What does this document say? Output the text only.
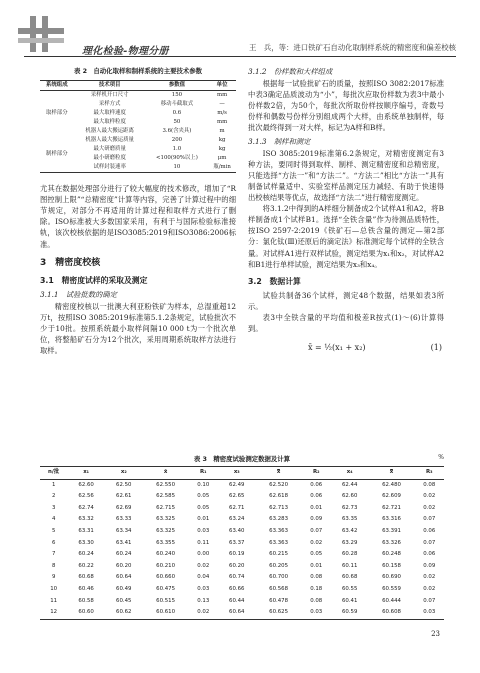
理化检验-物理分册	王　兵，等：进口铁矿石自动化取制样系统的精密度和偏差校核
表 2　自动化取样和制样系统的主要技术参数
系统组成	技术项目	参数值	单位
取样部分	采样机开口尺寸	150	mm
	采样方式	移动斗截取式	—
	最大取样速度	0.6	m/s
	最大取样粒度	50	mm
	机器人最大搬运距离	3.6(含夹具)	m
制样部分	机器人最大搬运质量	200	kg
	最大研磨质量	1.0	kg
	最小研磨粒度	<100(90%以上)	μm
	试样封装速率	10	瓶/min

尤其在数据处理部分进行了较大幅度的技术修改，增加了“R图控制上限”“总精密度”计算等内容，完善了计算过程中的细节规定，对部分不再适用的计算过程和取样方式进行了删除。ISO标准被大多数国家采用，有利于与国际检验标准接轨，该次校核依据的是ISO3085:2019和ISO3086:2006标准。

3　精密度校核
3.1　精密度试样的采取及测定
3.1.1　试验批数的确定

精密度校核以一批澳大利亚粉铁矿为样本，总湿重超12万t，按照ISO 3085:2019标准第5.1.2条规定，试验批次不少于10批。按照系统最小取样间隔10 000 t为一个批次单位，将整船矿石分为12个批次，采用周期系统取样方法进行取样。

3.1.2　份样数和大样组成

根据每一试验批矿石的质量，按照ISO 3082:2017标准中表3确定品质波动为“小”，每批次应取份样数为表3中最小份样数2倍，为50个，每批次所取份样按顺序编号，奇数号份样和偶数号份样分别组成两个大样，由系统单独制样，每批次最终得到一对大样，标记为A样和B样。

3.1.3　制样和测定

ISO 3085:2019标准第6.2条规定，对精密度测定有3种方法，要同时得到取样、制样、测定精密度和总精密度，只能选择“方法一”和“方法二”。“方法二”相比“方法一”具有制备试样量适中、实验室样品测定压力减轻、有助于快速得出校核结果等优点，故选择“方法二”进行精密度测定。

将3.1.2中得到的A样细分制备成2个试样A1和A2，将B样制备成1个试样B1。选择“全铁含量”作为待测品质特性，按ISO 2597-2:2019《铁矿石—总铁含量的测定—第2部分：氯化钛(Ⅲ)还原后的滴定法》标准测定每个试样的全铁含量。对试样A1进行双样试验，测定结果为x₁和x₂，对试样A2和B1进行单样试验，测定结果为x₃和x₄。

3.2　数据计算

试验共制备36个试样，测定48个数据，结果如表3所示。

表3中全铁含量的平均值和极差R按式(1)～(6)计算得到。

x̄ = ½(x₁ + x₂)	(1)
表 3　精密度试验测定数据及计算	%
n/批	x₁	x₂	x̄	R₁	x₃	x̿	R₂	x₄	x̿	R₃
1	62.60	62.50	62.550	0.10	62.49	62.520	0.06	62.44	62.480	0.08
2	62.56	62.61	62.585	0.05	62.65	62.618	0.06	62.60	62.609	0.02
3	62.74	62.69	62.715	0.05	62.71	62.713	0.01	62.73	62.721	0.02
4	63.32	63.33	63.325	0.01	63.24	63.283	0.09	63.35	63.316	0.07
5	63.31	63.34	63.325	0.03	63.40	63.363	0.07	63.42	63.391	0.06
6	63.30	63.41	63.355	0.11	63.37	63.363	0.02	63.29	63.326	0.07
7	60.24	60.24	60.240	0.00	60.19	60.215	0.05	60.28	60.248	0.06
8	60.22	60.20	60.210	0.02	60.20	60.205	0.01	60.11	60.158	0.09
9	60.68	60.64	60.660	0.04	60.74	60.700	0.08	60.68	60.690	0.02
10	60.46	60.49	60.475	0.03	60.66	60.568	0.18	60.55	60.559	0.02
11	60.58	60.45	60.515	0.13	60.44	60.478	0.08	60.41	60.444	0.07
12	60.60	60.62	60.610	0.02	60.64	60.625	0.03	60.59	60.608	0.03
23
